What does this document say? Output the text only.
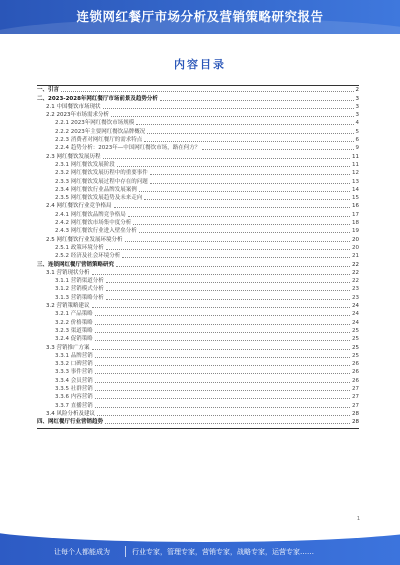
连锁网红餐厅市场分析及营销策略研究报告
内容目录
一、引言	2
二、2023-2028年网红餐厅市场前景及趋势分析	3
2.1 中国餐饮市场现状	3
2.2 2023年市场需求分析	3
2.2.1 2023年网红餐饮市场规模	4
2.2.2 2023年主要网红餐饮品牌概况	5
2.2.3 消费者对网红餐厅的需求特点	6
2.2.4 趋势分析：2023年—中国网红餐饮市场，路在何方？	9
2.3 网红餐饮发展历程	11
2.3.1 网红餐饮发展阶段	11
2.3.2 网红餐饮发展历程中的重要事件	12
2.3.3 网红餐饮发展过程中存在的问题	13
2.3.4 网红餐饮行业品牌发展案例	14
2.3.5 网红餐饮发展趋势及未来走向	15
2.4 网红餐饮行业竞争格局	16
2.4.1 网红餐饮品牌竞争格局	17
2.4.2 网红餐饮市场集中度分析	18
2.4.3 网红餐饮行业进入壁垒分析	19
2.5 网红餐饮行业发展环境分析	20
2.5.1 政策环境分析	20
2.5.2 经济及社会环境分析	21
三、连锁网红餐厅营销策略研究	22
3.1 营销现状分析	22
3.1.1 营销渠道分析	22
3.1.2 营销模式分析	23
3.1.3 营销策略分析	23
3.2 营销策略建议	24
3.2.1 产品策略	24
3.2.2 价格策略	24
3.2.3 渠道策略	25
3.2.4 促销策略	25
3.3 营销推广方案	25
3.3.1 品牌营销	25
3.3.2 口碑营销	26
3.3.3 事件营销	26
3.3.4 会员营销	26
3.3.5 社群营销	27
3.3.6 内容营销	27
3.3.7 直播营销	27
3.4 风险分析及建议	28
四、网红餐厅行业营销趋势	28
1
让每个人都能成为	行业专家，管理专家，营销专家，战略专家，运营专家……
